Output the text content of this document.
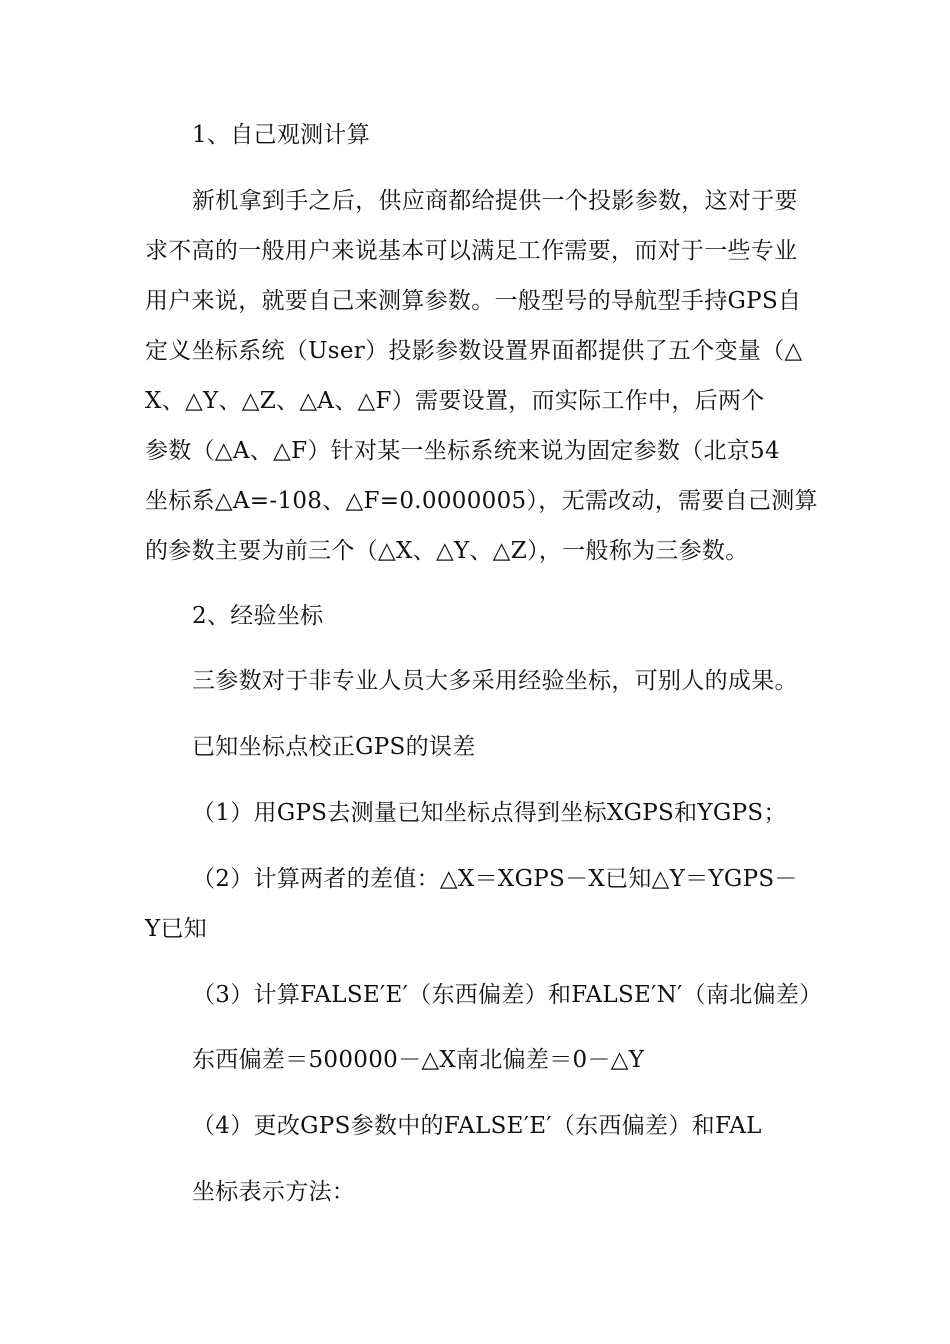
1、自己观测计算
新机拿到手之后，供应商都给提供一个投影参数，这对于要
求不高的一般用户来说基本可以满足工作需要，而对于一些专业
用户来说，就要自己来测算参数。一般型号的导航型手持GPS自
定义坐标系统（User）投影参数设置界面都提供了五个变量（△
X、△Y、△Z、△A、△F）需要设置，而实际工作中，后两个
参数（△A、△F）针对某一坐标系统来说为固定参数（北京54
坐标系△A=-108、△F=0.0000005），无需改动，需要自己测算
的参数主要为前三个（△X、△Y、△Z），一般称为三参数。
2、经验坐标
三参数对于非专业人员大多采用经验坐标，可别人的成果。
已知坐标点校正GPS的误差
（1）用GPS去测量已知坐标点得到坐标XGPS和YGPS；
（2）计算两者的差值：△X＝XGPS－X已知△Y＝YGPS－
Y已知
（3）计算FALSE′E′（东西偏差）和FALSE′N′（南北偏差）
东西偏差＝500000－△X南北偏差＝0－△Y
（4）更改GPS参数中的FALSE′E′（东西偏差）和FAL
坐标表示方法：
